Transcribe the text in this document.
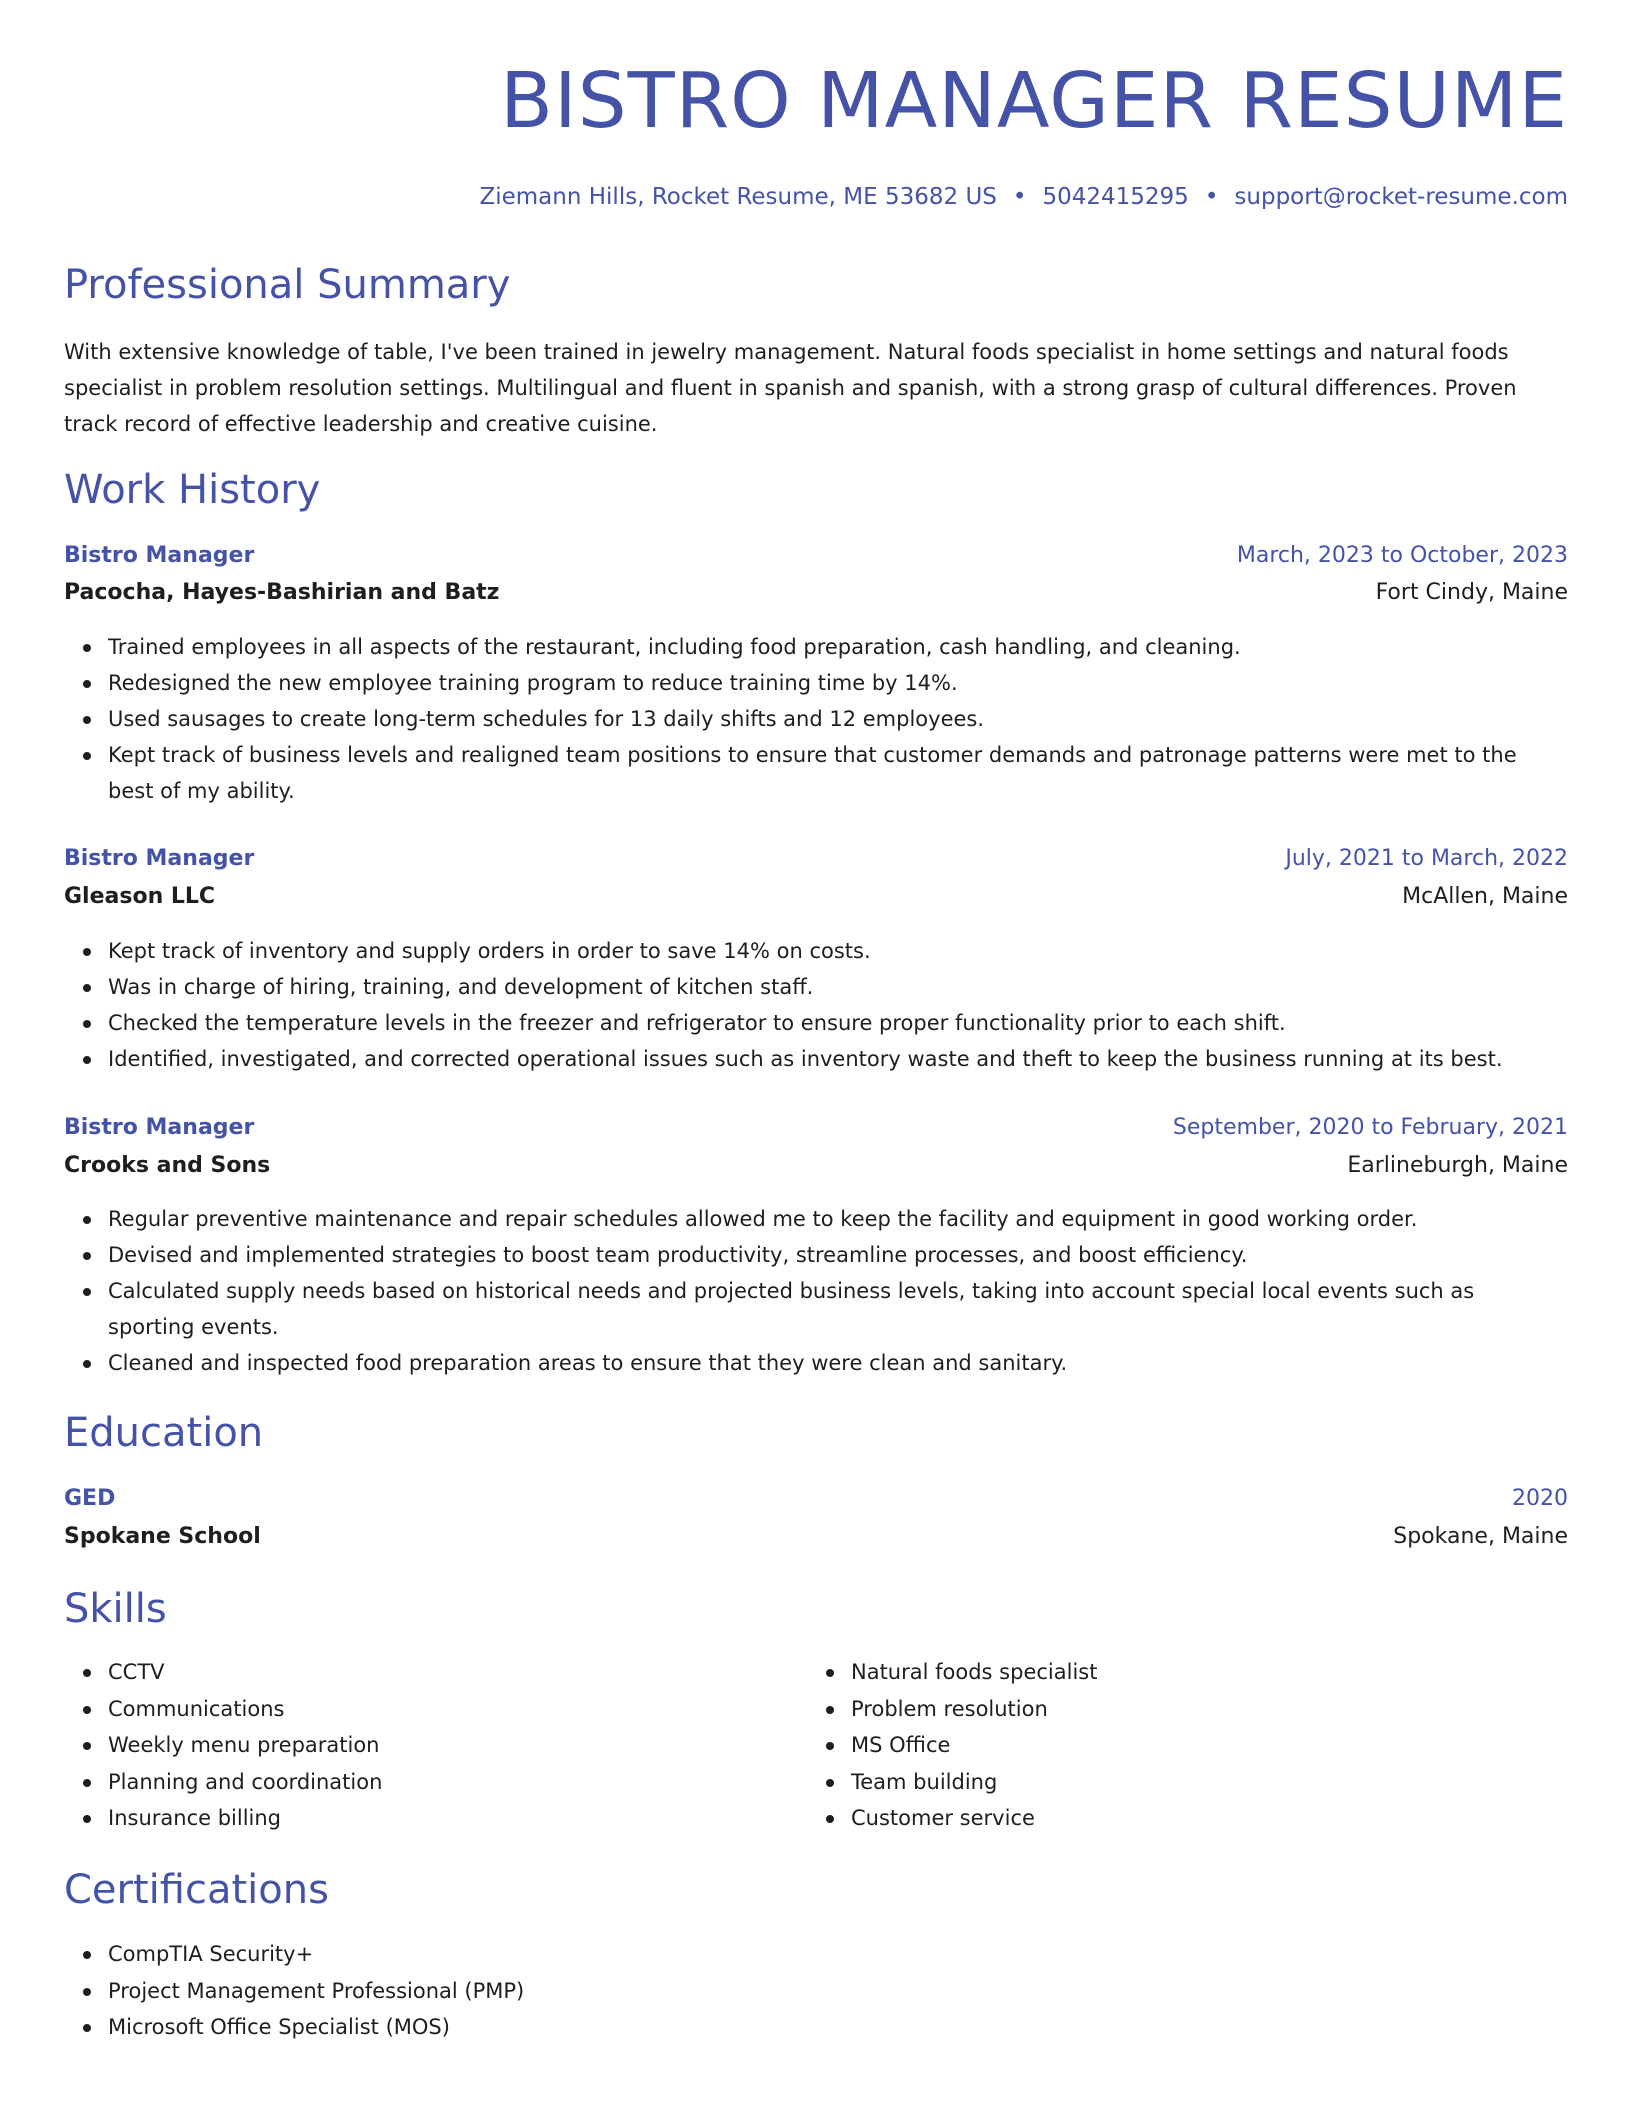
BISTRO MANAGER RESUME
Ziemann Hills, Rocket Resume, ME 53682 US • 5042415295 • support@rocket-resume.com
Professional Summary

With extensive knowledge of table, I've been trained in jewelry management. Natural foods specialist in home settings and natural foods specialist in problem resolution settings. Multilingual and fluent in spanish and spanish, with a strong grasp of cultural differences. Proven track record of effective leadership and creative cuisine.

Work History
Bistro Manager	March, 2023 to October, 2023
Pacocha, Hayes-Bashirian and Batz	Fort Cindy, Maine
Trained employees in all aspects of the restaurant, including food preparation, cash handling, and cleaning.
Redesigned the new employee training program to reduce training time by 14%.
Used sausages to create long-term schedules for 13 daily shifts and 12 employees.
Kept track of business levels and realigned team positions to ensure that customer demands and patronage patterns were met to the best of my ability.
Bistro Manager	July, 2021 to March, 2022
Gleason LLC	McAllen, Maine
Kept track of inventory and supply orders in order to save 14% on costs.
Was in charge of hiring, training, and development of kitchen staff.
Checked the temperature levels in the freezer and refrigerator to ensure proper functionality prior to each shift.
Identified, investigated, and corrected operational issues such as inventory waste and theft to keep the business running at its best.
Bistro Manager	September, 2020 to February, 2021
Crooks and Sons	Earlineburgh, Maine
Regular preventive maintenance and repair schedules allowed me to keep the facility and equipment in good working order.
Devised and implemented strategies to boost team productivity, streamline processes, and boost efficiency.
Calculated supply needs based on historical needs and projected business levels, taking into account special local events such as sporting events.
Cleaned and inspected food preparation areas to ensure that they were clean and sanitary.
Education
GED	2020
Spokane School	Spokane, Maine
Skills
CCTV
Communications
Weekly menu preparation
Planning and coordination
Insurance billing
Natural foods specialist
Problem resolution
MS Office
Team building
Customer service
Certifications
CompTIA Security+
Project Management Professional (PMP)
Microsoft Office Specialist (MOS)
